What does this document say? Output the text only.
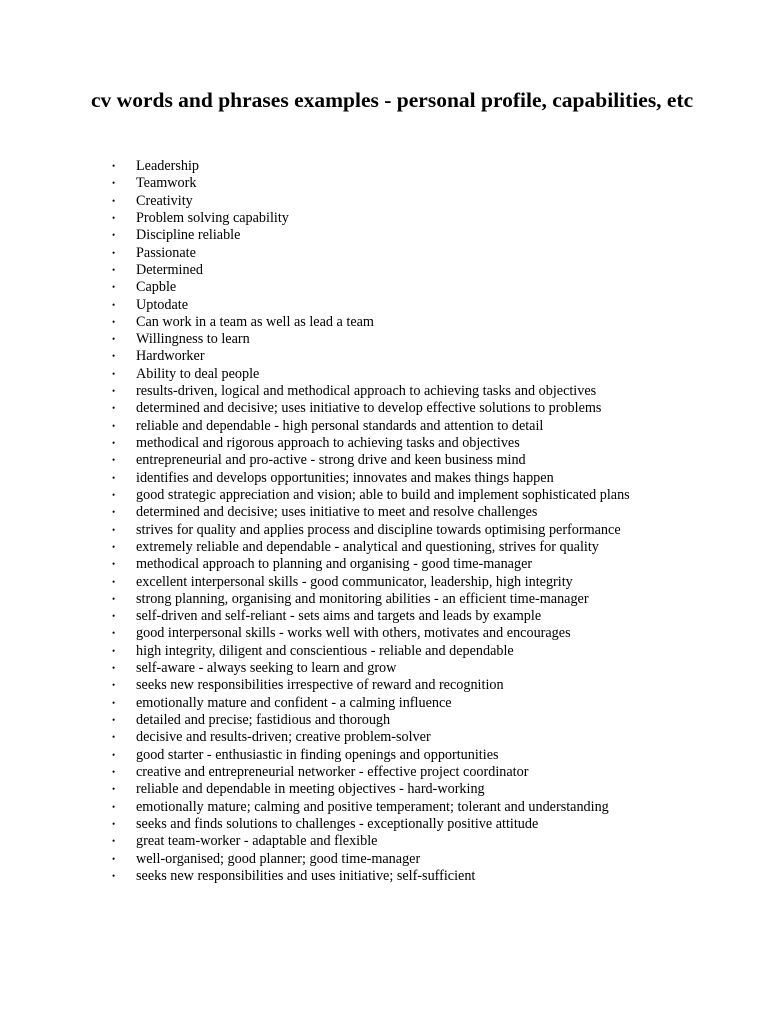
cv words and phrases examples - personal profile, capabilities, etc
• Leadership
• Teamwork
• Creativity
• Problem solving capability
• Discipline reliable
• Passionate
• Determined
• Capble
• Uptodate
• Can work in a team as well as lead a team
• Willingness to learn
• Hardworker
• Ability to deal people
• results-driven, logical and methodical approach to achieving tasks and objectives
• determined and decisive; uses initiative to develop effective solutions to problems
• reliable and dependable - high personal standards and attention to detail
• methodical and rigorous approach to achieving tasks and objectives
• entrepreneurial and pro-active - strong drive and keen business mind
• identifies and develops opportunities; innovates and makes things happen
• good strategic appreciation and vision; able to build and implement sophisticated plans
• determined and decisive; uses initiative to meet and resolve challenges
• strives for quality and applies process and discipline towards optimising performance
• extremely reliable and dependable - analytical and questioning, strives for quality
• methodical approach to planning and organising - good time-manager
• excellent interpersonal skills - good communicator, leadership, high integrity
• strong planning, organising and monitoring abilities - an efficient time-manager
• self-driven and self-reliant - sets aims and targets and leads by example
• good interpersonal skills - works well with others, motivates and encourages
• high integrity, diligent and conscientious - reliable and dependable
• self-aware - always seeking to learn and grow
• seeks new responsibilities irrespective of reward and recognition
• emotionally mature and confident - a calming influence
• detailed and precise; fastidious and thorough
• decisive and results-driven; creative problem-solver
• good starter - enthusiastic in finding openings and opportunities
• creative and entrepreneurial networker - effective project coordinator
• reliable and dependable in meeting objectives - hard-working
• emotionally mature; calming and positive temperament; tolerant and understanding
• seeks and finds solutions to challenges - exceptionally positive attitude
• great team-worker - adaptable and flexible
• well-organised; good planner; good time-manager
• seeks new responsibilities and uses initiative; self-sufficient
